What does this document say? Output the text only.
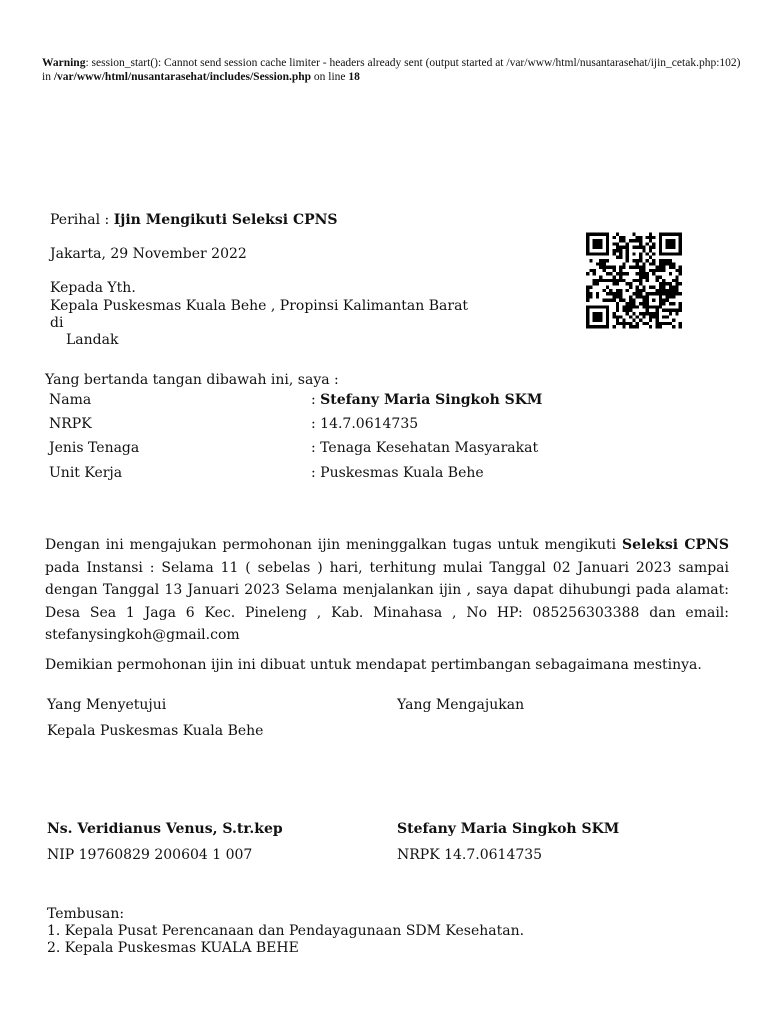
Warning: session_start(): Cannot send session cache limiter - headers already sent (output started at /var/www/html/nusantarasehat/ijin_cetak.php:102) in /var/www/html/nusantarasehat/includes/Session.php on line 18
Perihal : Ijin Mengikuti Seleksi CPNS
Jakarta, 29 November 2022
Kepada Yth.
Kepala Puskesmas Kuala Behe , Propinsi Kalimantan Barat
di
Landak
Yang bertanda tangan dibawah ini, saya :
Nama	: Stefany Maria Singkoh SKM
NRPK	: 14.7.0614735
Jenis Tenaga	: Tenaga Kesehatan Masyarakat
Unit Kerja	: Puskesmas Kuala Behe
Dengan ini mengajukan permohonan ijin meninggalkan tugas untuk mengikuti Seleksi CPNS pada Instansi : Selama 11 ( sebelas ) hari, terhitung mulai Tanggal 02 Januari 2023 sampai dengan Tanggal 13 Januari 2023 Selama menjalankan ijin , saya dapat dihubungi pada alamat: Desa Sea 1 Jaga 6 Kec. Pineleng , Kab. Minahasa , No HP: 085256303388 dan email: stefanysingkoh@gmail.com
Demikian permohonan ijin ini dibuat untuk mendapat pertimbangan sebagaimana mestinya.
Yang Menyetujui
Kepala Puskesmas Kuala Behe
Ns. Veridianus Venus, S.tr.kep
NIP 19760829 200604 1 007
Yang Mengajukan
Stefany Maria Singkoh SKM
NRPK 14.7.0614735
Tembusan:
1. Kepala Pusat Perencanaan dan Pendayagunaan SDM Kesehatan.
2. Kepala Puskesmas KUALA BEHE
